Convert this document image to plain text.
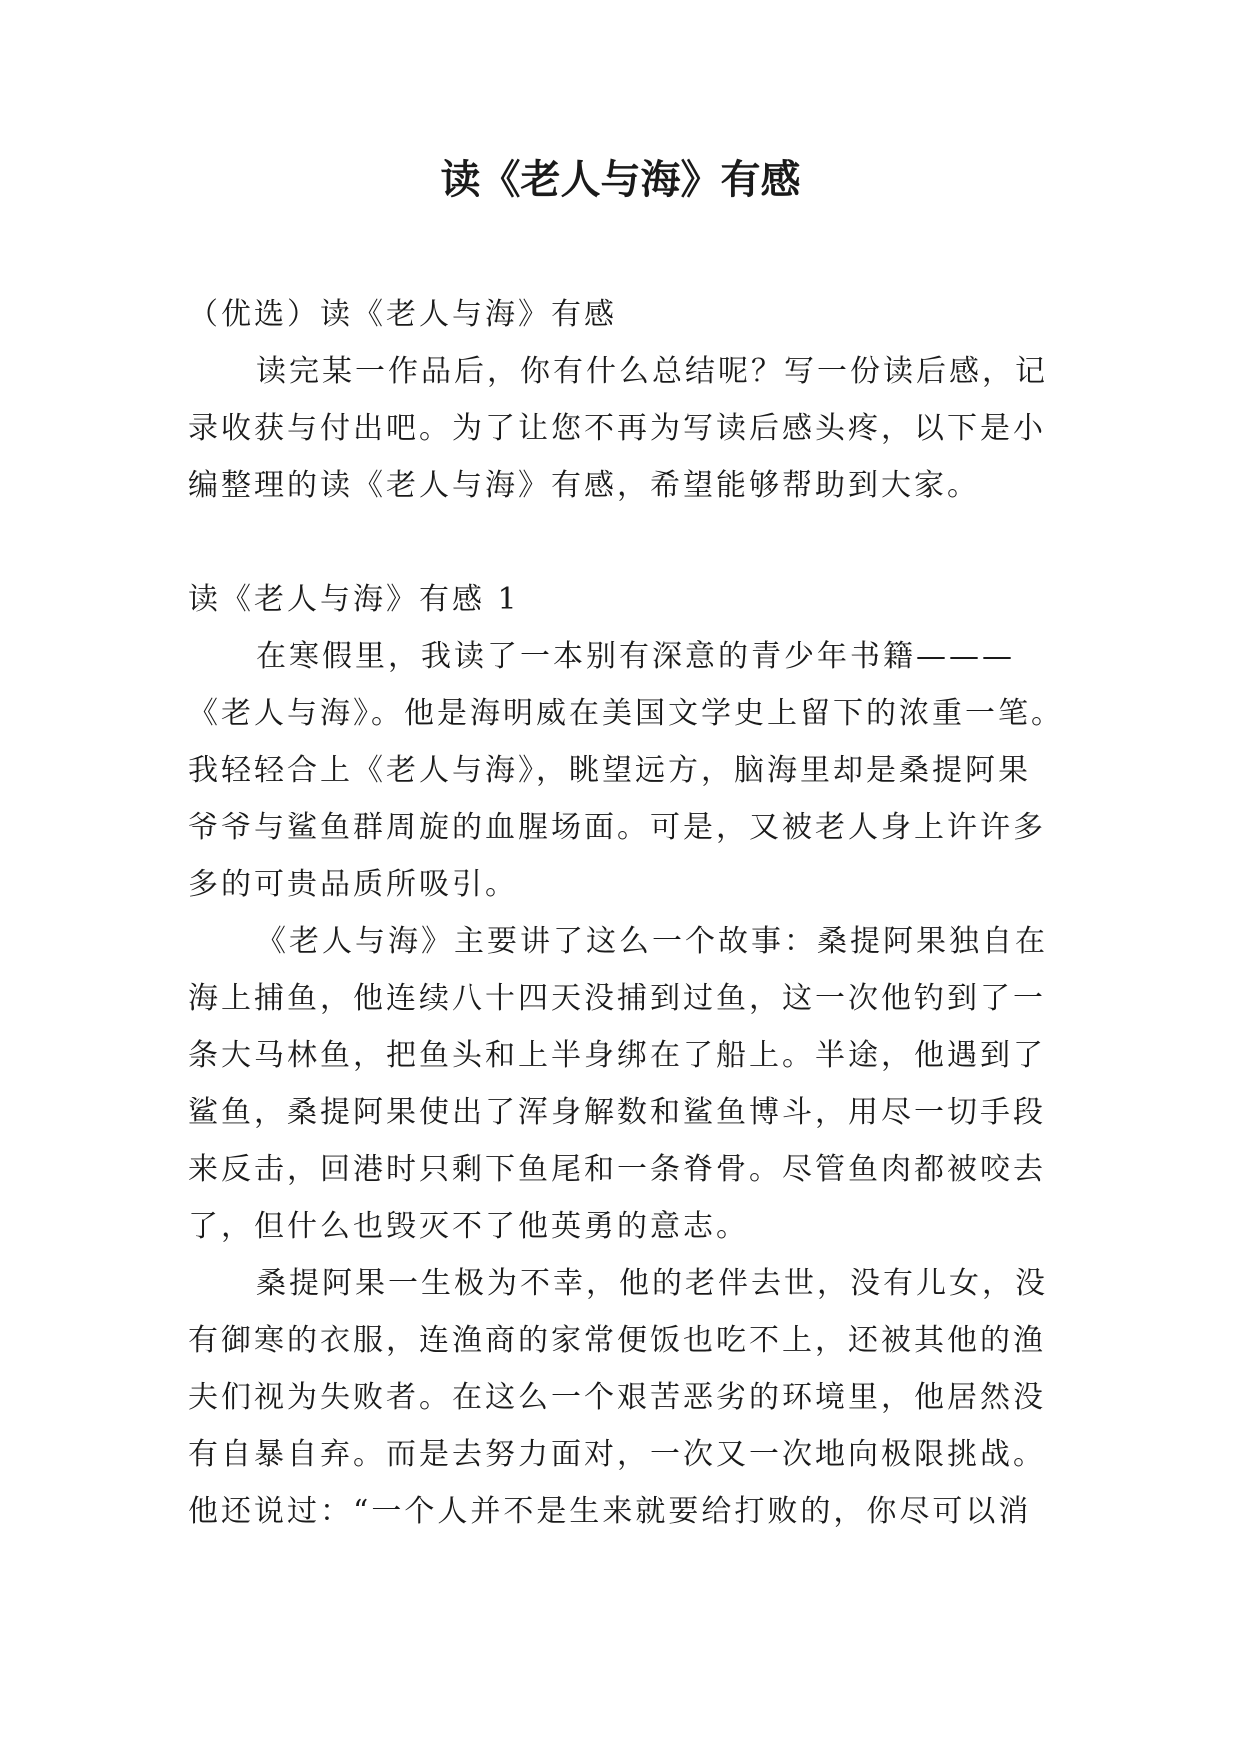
读《老人与海》有感
（优选）读《老人与海》有感
读完某一作品后，你有什么总结呢？写一份读后感，记
录收获与付出吧。为了让您不再为写读后感头疼，以下是小
编整理的读《老人与海》有感，希望能够帮助到大家。
读《老人与海》有感 1
在寒假里，我读了一本别有深意的青少年书籍———
《老人与海》。他是海明威在美国文学史上留下的浓重一笔。
我轻轻合上《老人与海》，眺望远方，脑海里却是桑提阿果
爷爷与鲨鱼群周旋的血腥场面。可是，又被老人身上许许多
多的可贵品质所吸引。
《老人与海》主要讲了这么一个故事：桑提阿果独自在
海上捕鱼，他连续八十四天没捕到过鱼，这一次他钓到了一
条大马林鱼，把鱼头和上半身绑在了船上。半途，他遇到了
鲨鱼，桑提阿果使出了浑身解数和鲨鱼博斗，用尽一切手段
来反击，回港时只剩下鱼尾和一条脊骨。尽管鱼肉都被咬去
了，但什么也毁灭不了他英勇的意志。
桑提阿果一生极为不幸，他的老伴去世，没有儿女，没
有御寒的衣服，连渔商的家常便饭也吃不上，还被其他的渔
夫们视为失败者。在这么一个艰苦恶劣的环境里，他居然没
有自暴自弃。而是去努力面对，一次又一次地向极限挑战。
他还说过：“一个人并不是生来就要给打败的，你尽可以消
